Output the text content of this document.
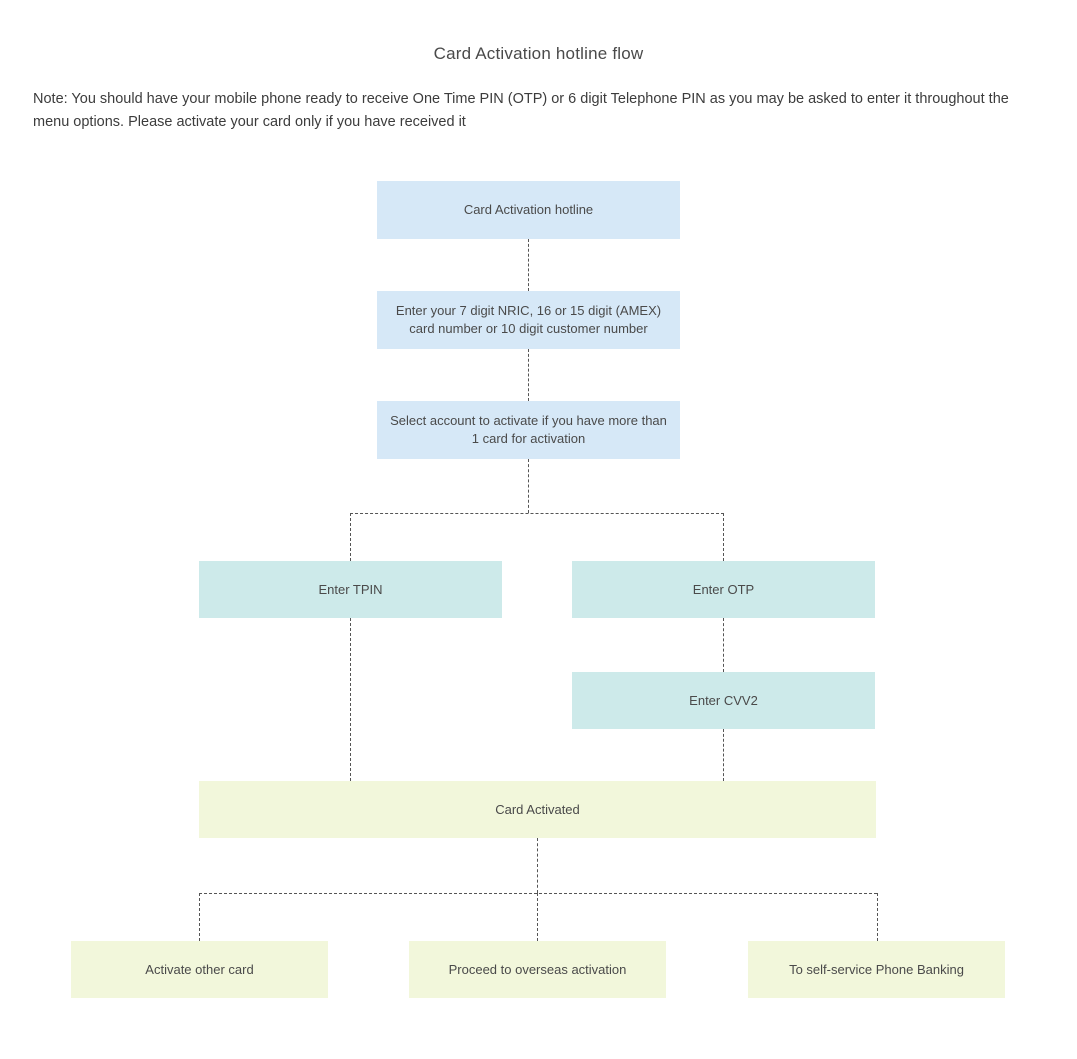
Card Activation hotline flow
Note: You should have your mobile phone ready to receive One Time PIN (OTP) or 6 digit Telephone PIN as you may be asked to enter it throughout the menu options. Please activate your card only if you have received it
Card Activation hotline
Enter your 7 digit NRIC, 16 or 15 digit (AMEX) card number or 10 digit customer number
Select account to activate if you have more than 1 card for activation
Enter TPIN	Enter OTP
Enter CVV2
Card Activated
Activate other card	Proceed to overseas activation	To self-service Phone Banking
